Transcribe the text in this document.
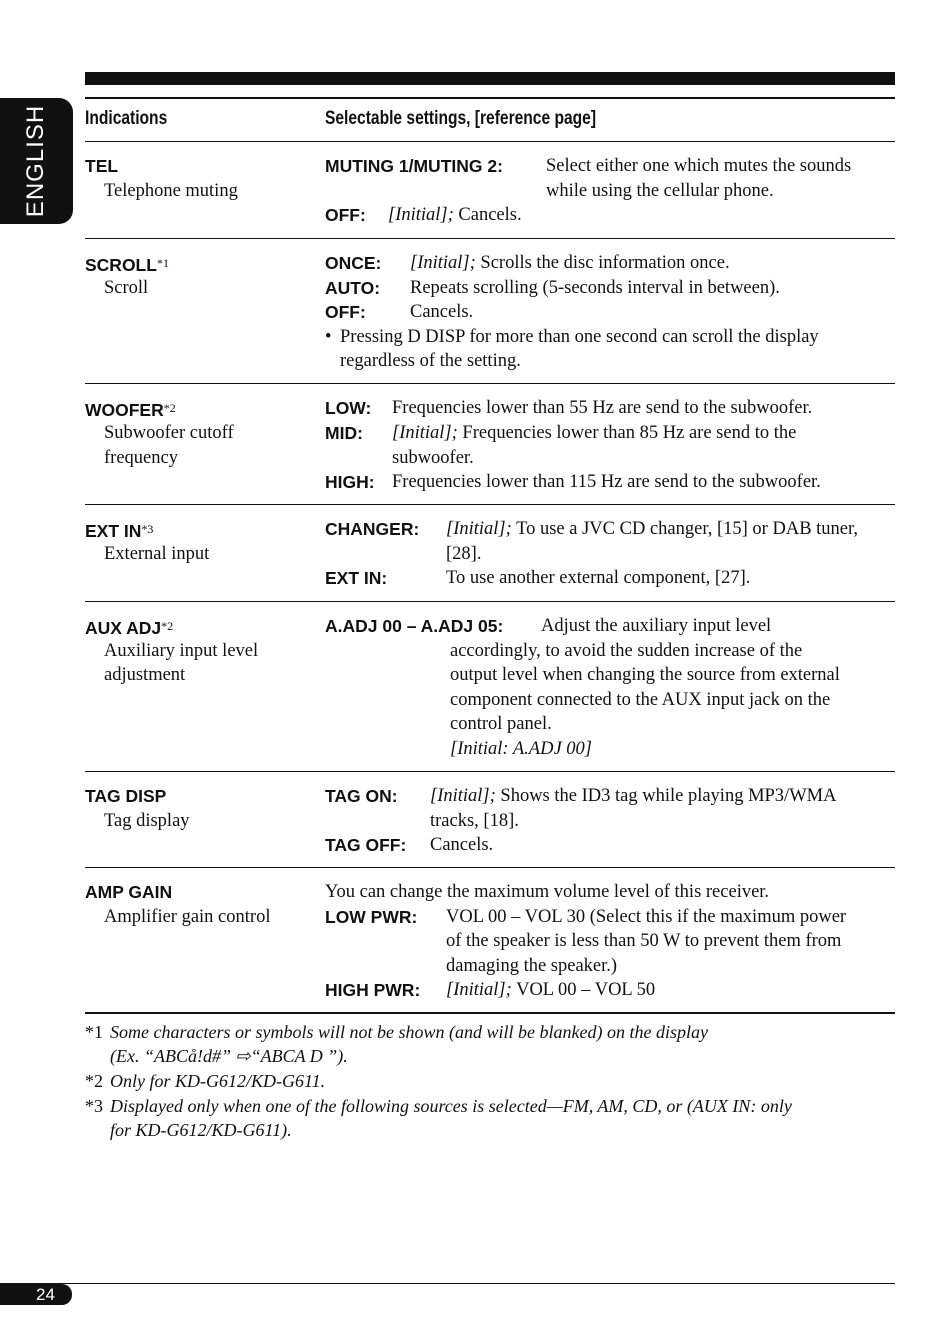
ENGLISH Indications	Selectable settings, [reference page]
TEL
Telephone muting
MUTING 1/MUTING 2: Select either one which mutes the sounds
while using the cellular phone.
OFF: [Initial]; Cancels.
SCROLL$^{*1}$
Scroll
ONCE: [Initial]; Scrolls the disc information once.
AUTO: Repeats scrolling (5-seconds interval in between).
OFF: Cancels.
• Pressing D DISP for more than one second can scroll the display
regardless of the setting.
WOOFER$^{*2}$
Subwoofer cutoff
frequency
LOW: Frequencies lower than 55 Hz are send to the subwoofer.
MID: [Initial]; Frequencies lower than 85 Hz are send to the
subwoofer.
HIGH: Frequencies lower than 115 Hz are send to the subwoofer.
EXT IN$^{*3}$
External input
CHANGER: [Initial]; To use a JVC CD changer, [15] or DAB tuner,
[28].
EXT IN:	To use another external component, [27].
AUX ADJ$^{*2}$
Auxiliary input level
adjustment
A.ADJ 00 – A.ADJ 05: Adjust the auxiliary input level
accordingly, to avoid the sudden increase of the
output level when changing the source from external
component connected to the AUX input jack on the
control panel.
[Initial: A.ADJ 00]
TAG DISP
Tag display
TAG ON: [Initial]; Shows the ID3 tag while playing MP3/WMA
tracks, [18].
TAG OFF: Cancels.
AMP GAIN
Amplifier gain control
You can change the maximum volume level of this receiver.
LOW PWR: VOL 00 – VOL 30 (Select this if the maximum power
of the speaker is less than 50 W to prevent them from
damaging the speaker.)
HIGH PWR: [Initial]; VOL 00 – VOL 50
*1 Some characters or symbols will not be shown (and will be blanked) on the display
(Ex. “ABCå!d#” ⇨“ABCA D ”).
*2 Only for KD-G612/KD-G611.
*3 Displayed only when one of the following sources is selected—FM, AM, CD, or (AUX IN: only
for KD-G612/KD-G611).
24
